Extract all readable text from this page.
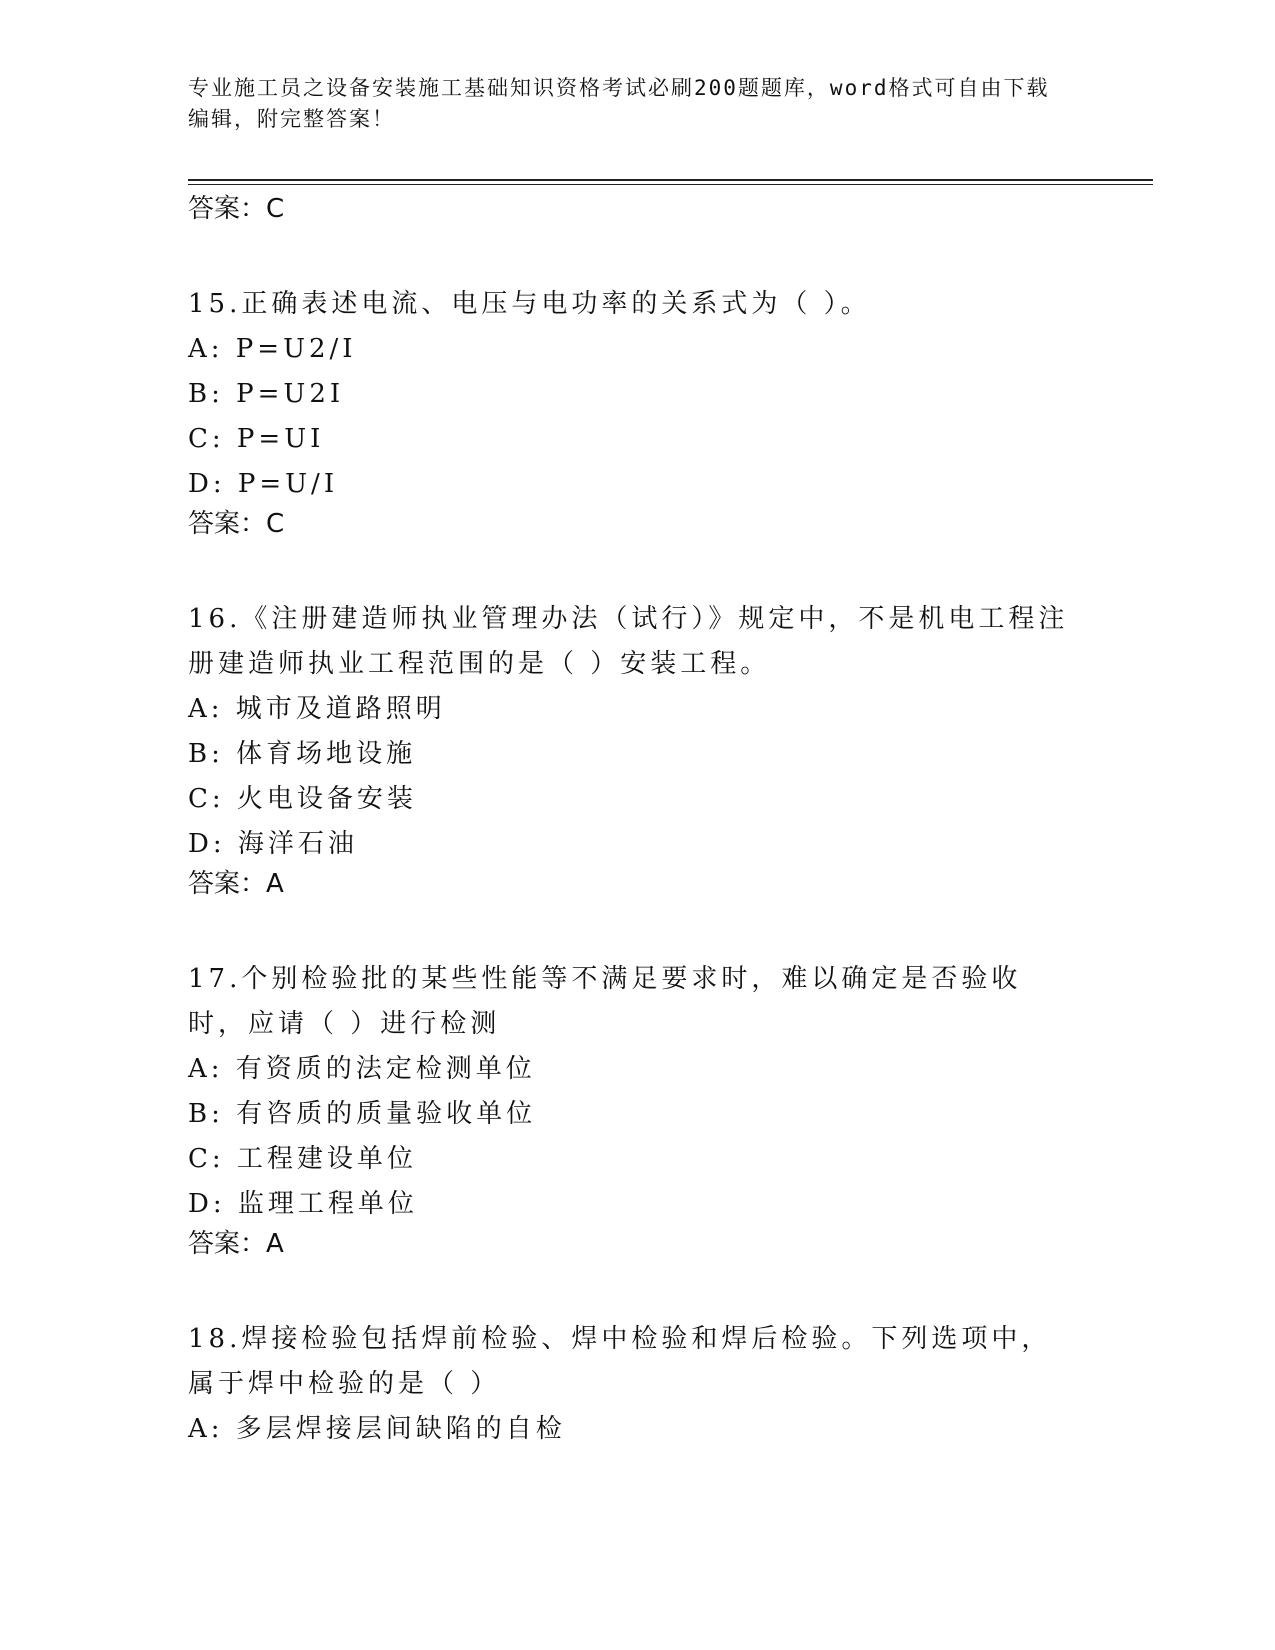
专业施工员之设备安装施工基础知识资格考试必刷200题题库，word格式可自由下载编辑，附完整答案！
答案：C
15.正确表述电流、电压与电功率的关系式为（ ）。
A: P=U2/I
B: P=U2I
C: P=UI
D: P=U/I
答案：C
16.《注册建造师执业管理办法（试行）》规定中，不是机电工程注册建造师执业工程范围的是（ ）安装工程。
A: 城市及道路照明
B: 体育场地设施
C: 火电设备安装
D: 海洋石油
答案：A
17.个别检验批的某些性能等不满足要求时，难以确定是否验收时，应请（ ）进行检测
A: 有资质的法定检测单位
B: 有咨质的质量验收单位
C: 工程建设单位
D: 监理工程单位
答案：A
18.焊接检验包括焊前检验、焊中检验和焊后检验。下列选项中，属于焊中检验的是（ ）
A: 多层焊接层间缺陷的自检
